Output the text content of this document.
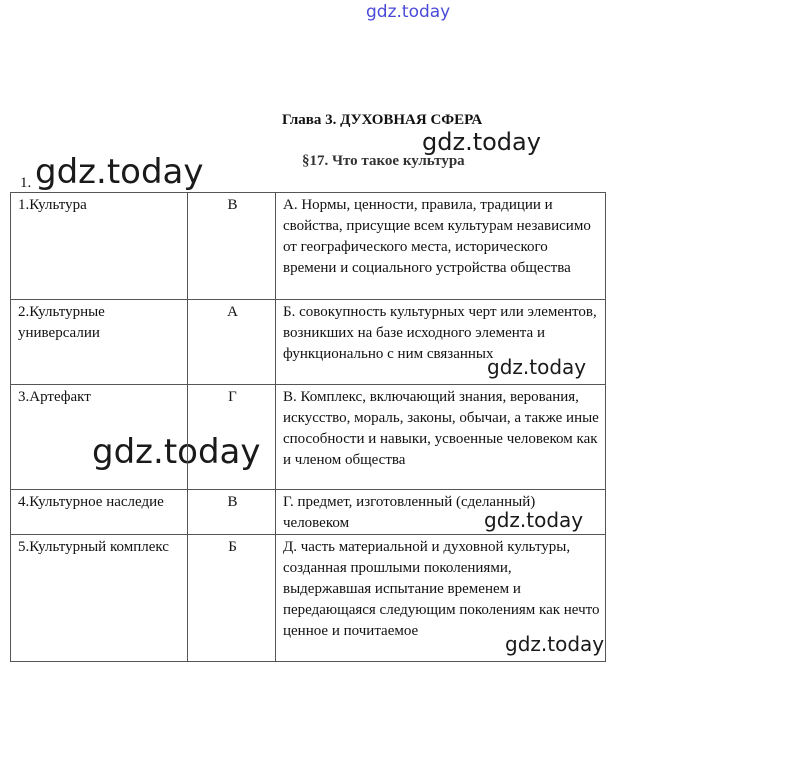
gdz.today
gdz.today
gdz.today
gdz.today
gdz.today
gdz.today
gdz.today
Глава 3. ДУХОВНАЯ СФЕРА
§17. Что такое культура
1.
1.Культура	В	А. Нормы, ценности, правила, традиции и свойства, присущие всем культурам независимо от географического места, исторического времени и социального устройства общества
2.Культурные универсалии	А	Б. совокупность культурных черт или элементов, возникших на базе исходного элемента и функционально с ним связанных
3.Артефакт	Г	В. Комплекс, включающий знания, верования, искусство, мораль, законы, обычаи, а также иные способности и навыки, усвоенные человеком как и членом общества
4.Культурное наследие	В	Г. предмет, изготовленный (сделанный) человеком
5.Культурный комплекс	Б	Д. часть материальной и духовной культуры, созданная прошлыми поколениями, выдержавшая испытание временем и передающаяся следующим поколениям как нечто ценное и почитаемое
